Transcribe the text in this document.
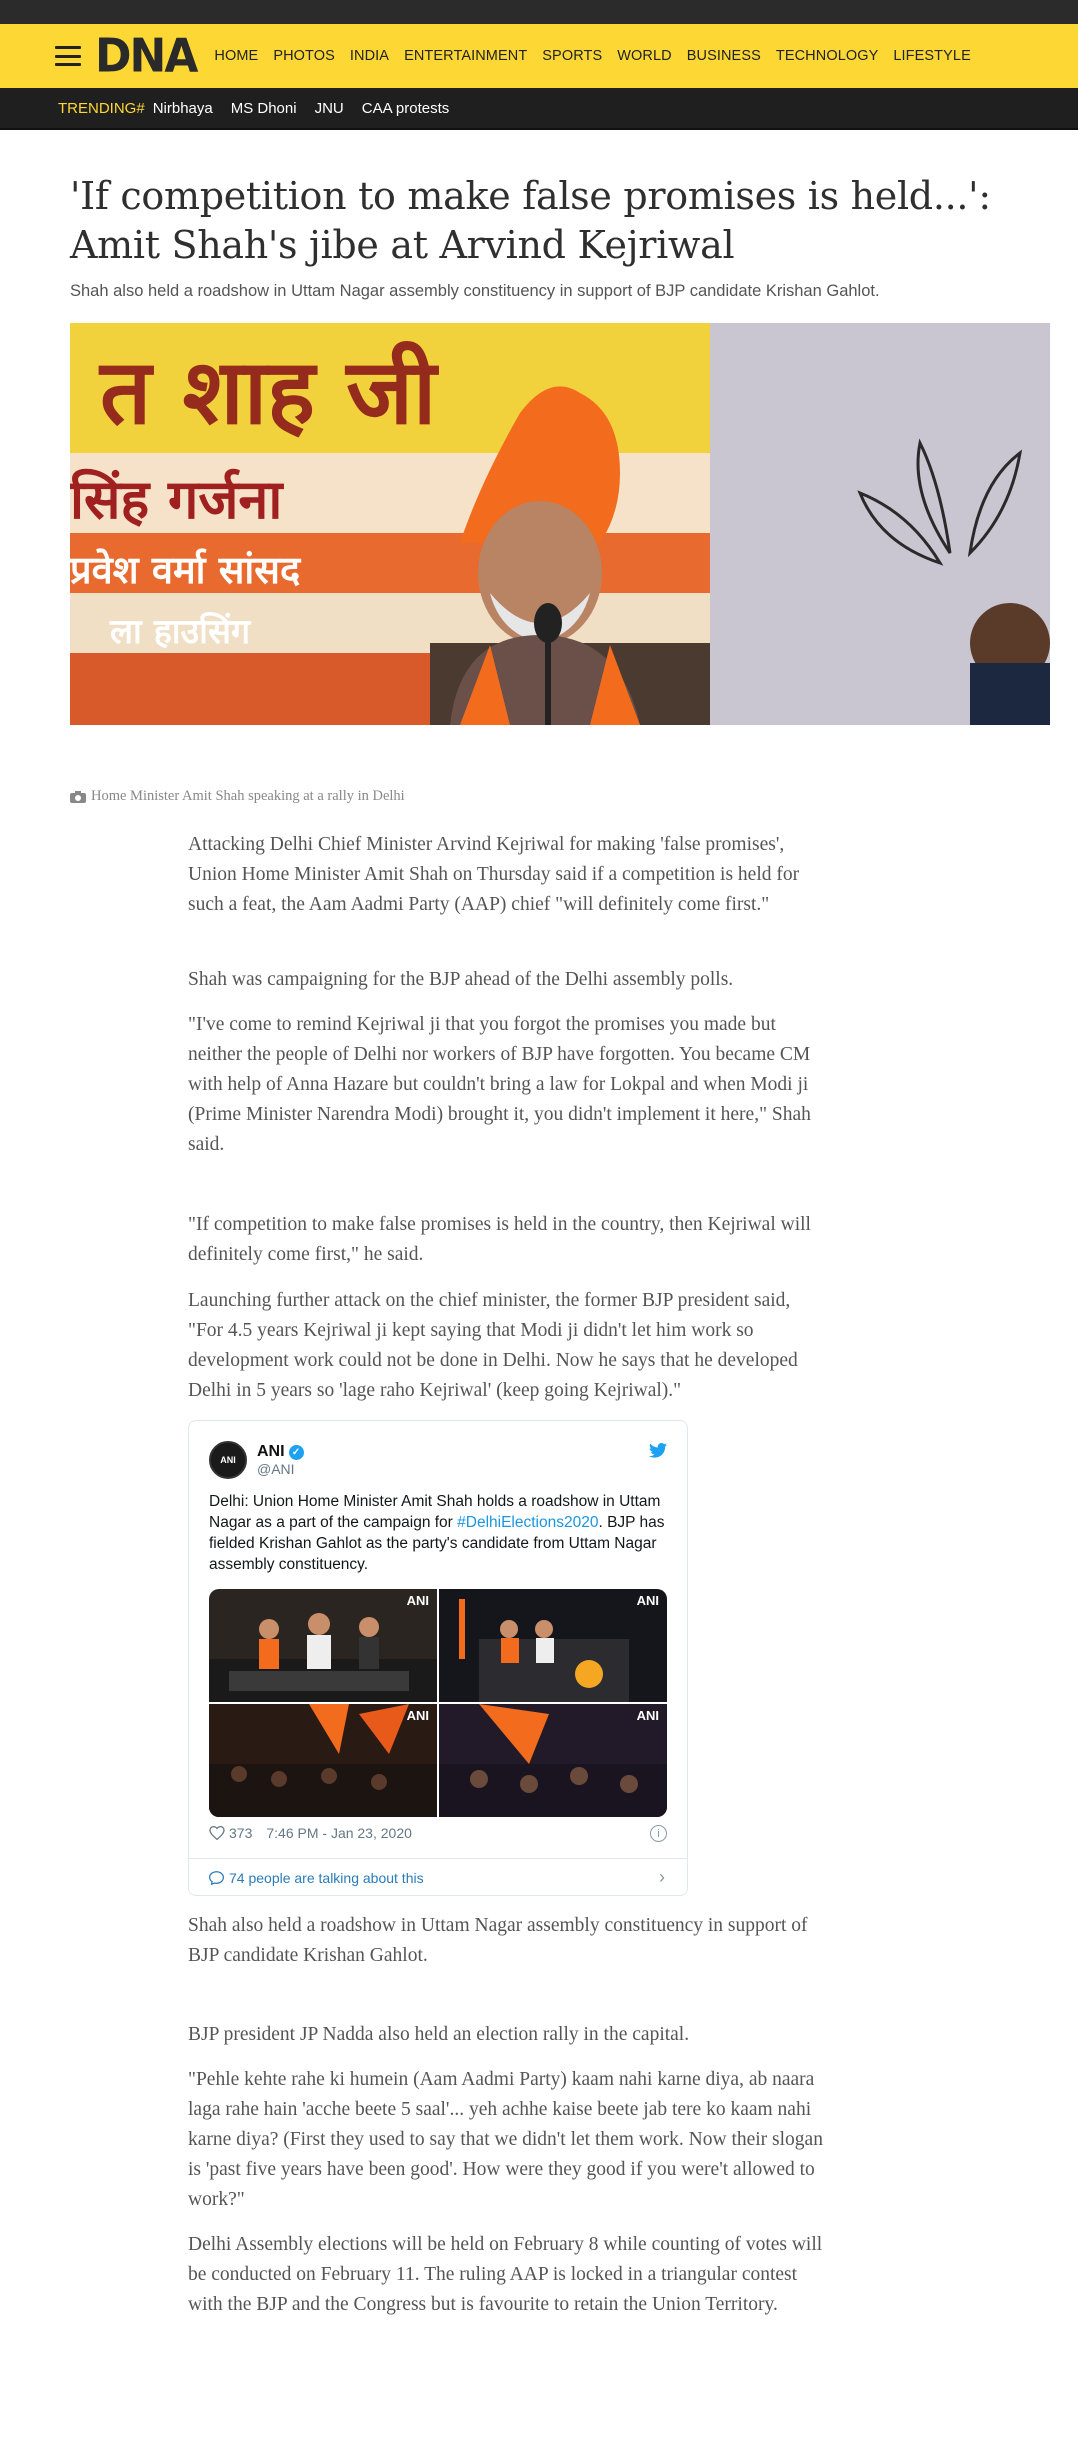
DNA HOME PHOTOS INDIA ENTERTAINMENT SPORTS WORLD BUSINESS TECHNOLOGY LIFESTYLE
TRENDING# Nirbhaya MS Dhoni JNU CAA protests
'If competition to make false promises is held...': Amit Shah's jibe at Arvind Kejriwal
Shah also held a roadshow in Uttam Nagar assembly constituency in support of BJP candidate Krishan Gahlot.
त शाह जी
सिंह गर्जना
प्रवेश वर्मा सांसद
ला हाउसिंग
Home Minister Amit Shah speaking at a rally in Delhi

Attacking Delhi Chief Minister Arvind Kejriwal for making 'false promises', Union Home Minister Amit Shah on Thursday said if a competition is held for such a feat, the Aam Aadmi Party (AAP) chief "will definitely come first."

Shah was campaigning for the BJP ahead of the Delhi assembly polls.

"I've come to remind Kejriwal ji that you forgot the promises you made but neither the people of Delhi nor workers of BJP have forgotten. You became CM with help of Anna Hazare but couldn't bring a law for Lokpal and when Modi ji (Prime Minister Narendra Modi) brought it, you didn't implement it here," Shah said.

"If competition to make false promises is held in the country, then Kejriwal will definitely come first," he said.

Launching further attack on the chief minister, the former BJP president said, "For 4.5 years Kejriwal ji kept saying that Modi ji didn't let him work so development work could not be done in Delhi. Now he says that he developed Delhi in 5 years so 'lage raho Kejriwal' (keep going Kejriwal)."

ANI	ANI ✓
@ANI
Delhi: Union Home Minister Amit Shah holds a roadshow in Uttam Nagar as a part of the campaign for #DelhiElections2020. BJP has fielded Krishan Gahlot as the party's candidate from Uttam Nagar assembly constituency.
ANI	ANI
ANI	ANI
373 7:46 PM - Jan 23, 2020	i
74 people are talking about this	›

Shah also held a roadshow in Uttam Nagar assembly constituency in support of BJP candidate Krishan Gahlot.

BJP president JP Nadda also held an election rally in the capital.

"Pehle kehte rahe ki humein (Aam Aadmi Party) kaam nahi karne diya, ab naara laga rahe hain 'acche beete 5 saal'... yeh achhe kaise beete jab tere ko kaam nahi karne diya? (First they used to say that we didn't let them work. Now their slogan is 'past five years have been good'. How were they good if you were't allowed to work?"

Delhi Assembly elections will be held on February 8 while counting of votes will be conducted on February 11. The ruling AAP is locked in a triangular contest with the BJP and the Congress but is favourite to retain the Union Territory.
